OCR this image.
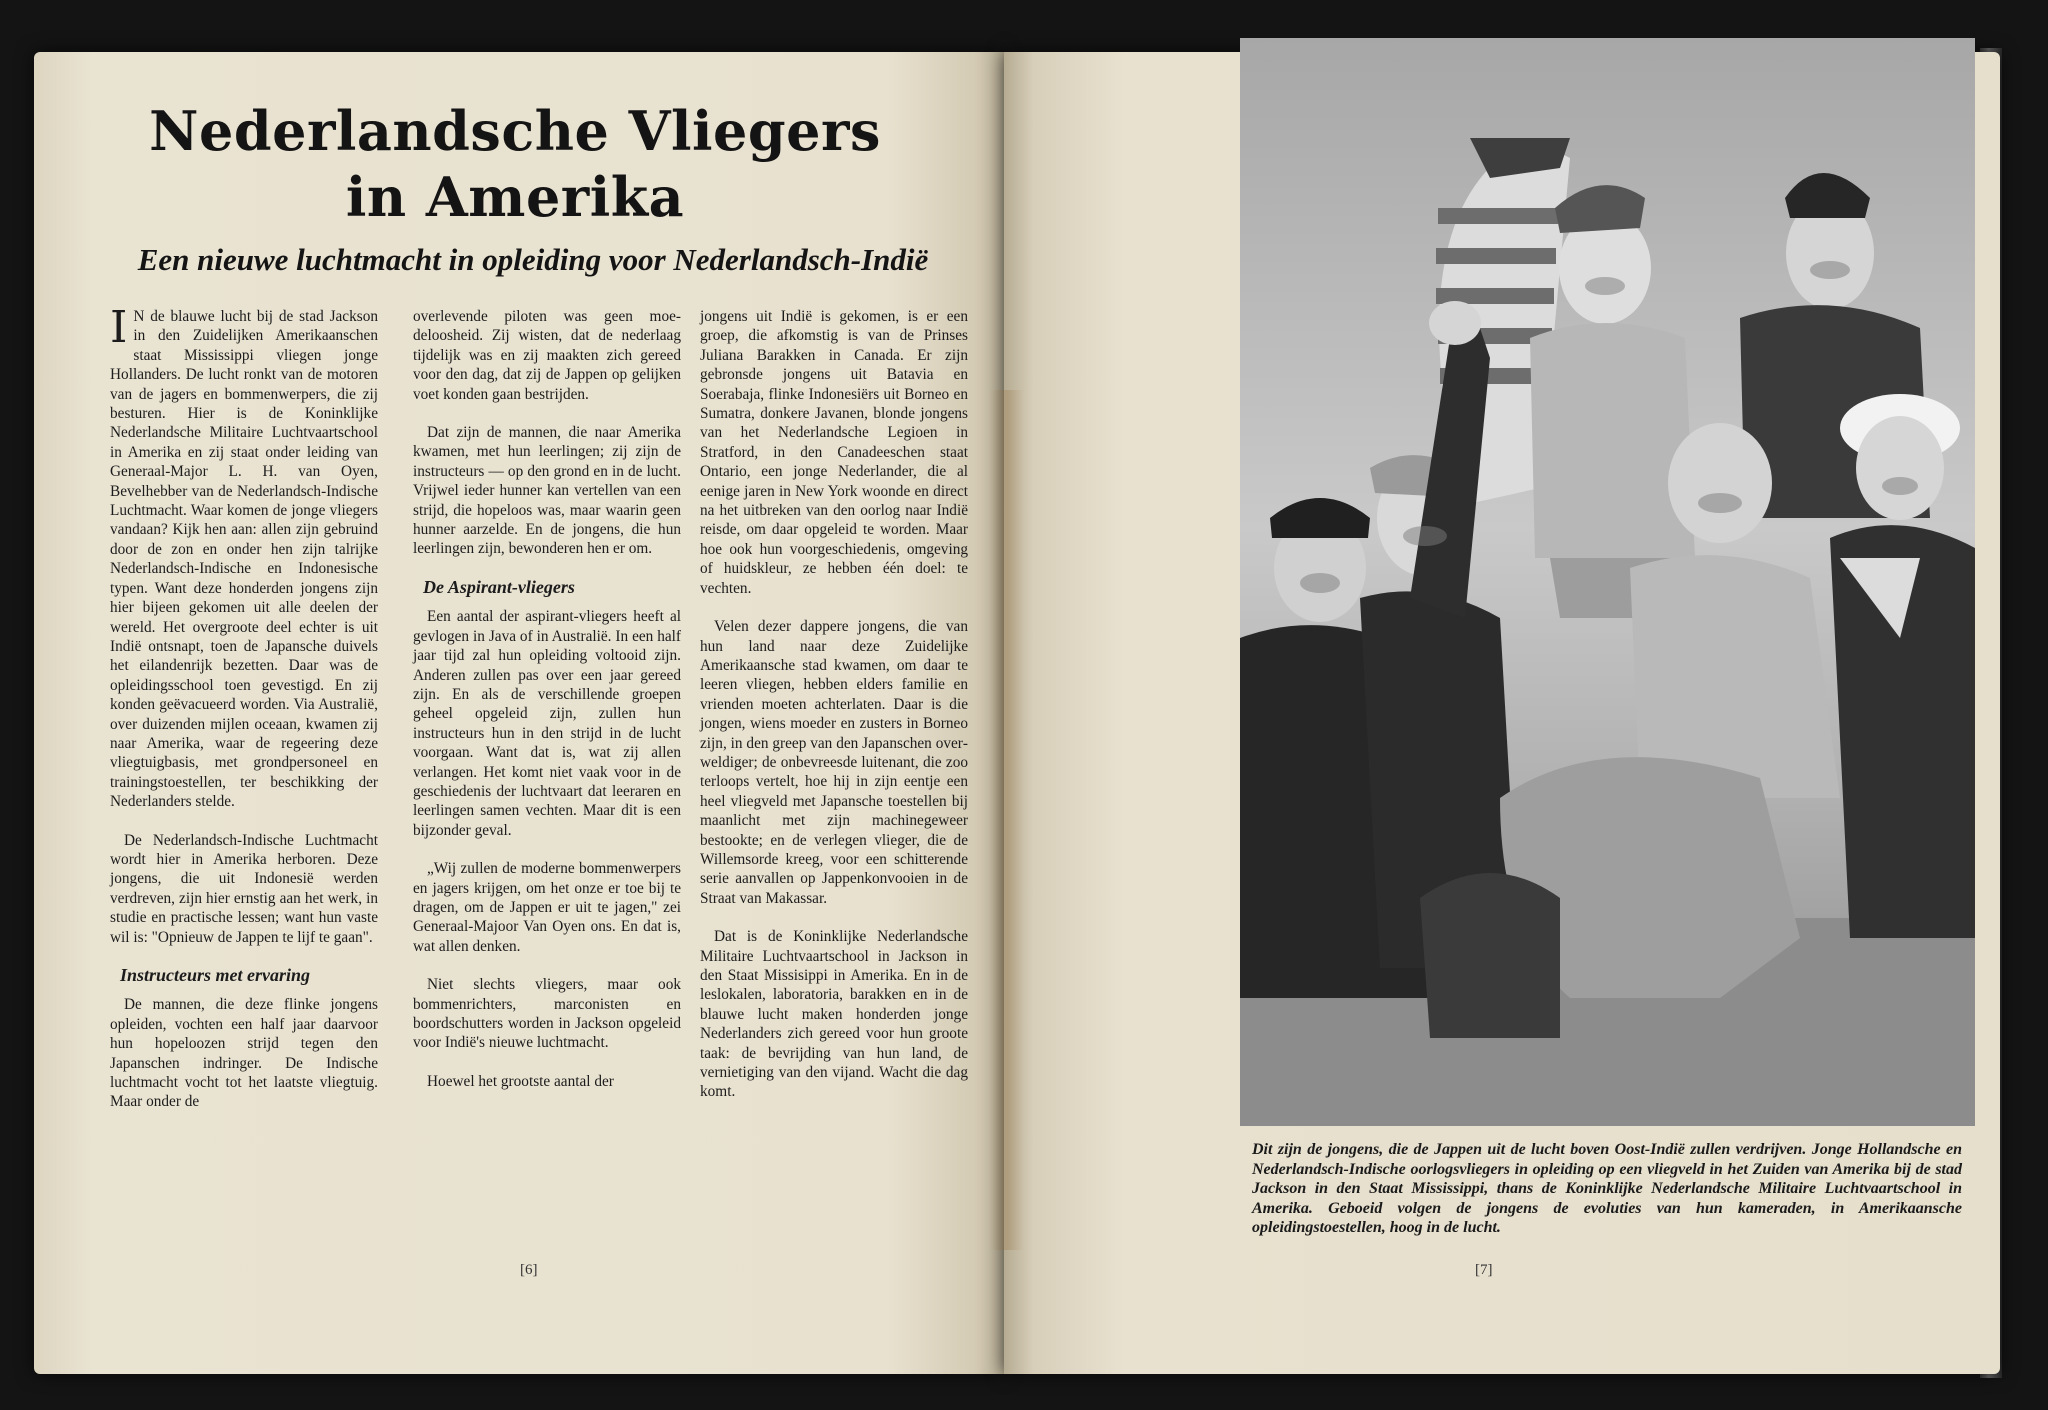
Nederlandsche Vliegers
in Amerika
Een nieuwe luchtmacht in opleiding voor Nederlandsch-Indië

I N de blauwe lucht bij de stad Jackson in den Zuidelijken Amerikaanschen staat Mississippi vliegen jonge Hollanders. De lucht ronkt van de motoren van de jagers en bommenwerpers, die zij besturen. Hier is de Koninklijke Nederlandsche Militaire Luchtvaartschool in Amerika en zij staat onder leiding van Generaal-Major L. H. van Oyen, Bevelhebber van de Nederlandsch-Indische Luchtmacht. Waar komen de jonge vliegers vandaan? Kijk hen aan: allen zijn gebruind door de zon en onder hen zijn talrijke Nederlandsch-Indische en Indonesische typen. Want deze honderden jongens zijn hier bijeen gekomen uit alle deelen der wereld. Het overgroote deel echter is uit Indië ontsnapt, toen de Japansche duivels het eilandenrijk bezetten. Daar was de opleidingsschool toen gevestigd. En zij konden geëvacueerd worden. Via Australië, over duizenden mijlen oceaan, kwamen zij naar Amerika, waar de regeering deze vliegtuigbasis, met grondpersoneel en trainingstoestellen, ter beschikking der Nederlanders stelde.

De Nederlandsch-Indische Luchtmacht wordt hier in Amerika herboren. Deze jongens, die uit Indonesië werden verdreven, zijn hier ernstig aan het werk, in studie en practische lessen; want hun vaste wil is: "Opnieuw de Jappen te lijf te gaan".

Instructeurs met ervaring

De mannen, die deze flinke jongens opleiden, vochten een half jaar daarvoor hun hopeloozen strijd tegen den Japanschen indringer. De Indische luchtmacht vocht tot het laatste vliegtuig. Maar onder de

overlevende piloten was geen moedeloosheid. Zij wisten, dat de nederlaag tijdelijk was en zij maakten zich gereed voor den dag, dat zij de Jappen op gelijken voet konden gaan bestrijden.

Dat zijn de mannen, die naar Amerika kwamen, met hun leerlingen; zij zijn de instructeurs — op den grond en in de lucht. Vrijwel ieder hunner kan vertellen van een strijd, die hopeloos was, maar waarin geen hunner aarzelde. En de jongens, die hun leerlingen zijn, bewonderen hen er om.

De Aspirant-vliegers

Een aantal der aspirant-vliegers heeft al gevlogen in Java of in Australië. In een half jaar tijd zal hun opleiding voltooid zijn. Anderen zullen pas over een jaar gereed zijn. En als de verschillende groepen geheel opgeleid zijn, zullen hun instructeurs hun in den strijd in de lucht voorgaan. Want dat is, wat zij allen verlangen. Het komt niet vaak voor in de geschiedenis der luchtvaart dat leeraren en leerlingen samen vechten. Maar dit is een bijzonder geval.

„Wij zullen de moderne bommenwerpers en jagers krijgen, om het onze er toe bij te dragen, om de Jappen er uit te jagen," zei Generaal-Majoor Van Oyen ons. En dat is, wat allen denken.

Niet slechts vliegers, maar ook bommenrichters, marconisten en boordschutters worden in Jackson opgeleid voor Indië's nieuwe luchtmacht.

Hoewel het grootste aantal der

jongens uit Indië is gekomen, is er een groep, die afkomstig is van de Prinses Juliana Barakken in Canada. Er zijn gebronsde jongens uit Batavia en Soerabaja, flinke Indonesiërs uit Borneo en Sumatra, donkere Javanen, blonde jongens van het Nederlandsche Legioen in Stratford, in den Canadeeschen staat Ontario, een jonge Nederlander, die al eenige jaren in New York woonde en direct na het uitbreken van den oorlog naar Indië reisde, om daar opgeleid te worden. Maar hoe ook hun voorgeschiedenis, omgeving of huidskleur, ze hebben één doel: te vechten.

Velen dezer dappere jongens, die van hun land naar deze Zuidelijke Amerikaansche stad kwamen, om daar te leeren vliegen, hebben elders familie en vrienden moeten achterlaten. Daar is die jongen, wiens moeder en zusters in Borneo zijn, in den greep van den Japanschen overweldiger; de onbevreesde luitenant, die zoo terloops vertelt, hoe hij in zijn eentje een heel vliegveld met Japansche toestellen bij maanlicht met zijn machinegeweer bestookte; en de verlegen vlieger, die de Willemsorde kreeg, voor een schitterende serie aanvallen op Jappenkonvooien in de Straat van Makassar.

Dat is de Koninklijke Nederlandsche Militaire Luchtvaartschool in Jackson in den Staat Missisippi in Amerika. En in de leslokalen, laboratoria, barakken en in de blauwe lucht maken honderden jonge Nederlanders zich gereed voor hun groote taak: de bevrijding van hun land, de vernietiging van den vijand. Wacht die dag komt.

[6]
Dit zijn de jongens, die de Jappen uit de lucht boven Oost-Indië zullen verdrijven. Jonge Hollandsche en Nederlandsch-Indische oorlogsvliegers in opleiding op een vliegveld in het Zuiden van Amerika bij de stad Jackson in den Staat Mississippi, thans de Koninklijke Nederlandsche Militaire Luchtvaartschool in Amerika. Geboeid volgen de jongens de evoluties van hun kameraden, in Amerikaansche opleidingstoestellen, hoog in de lucht.
[7]
